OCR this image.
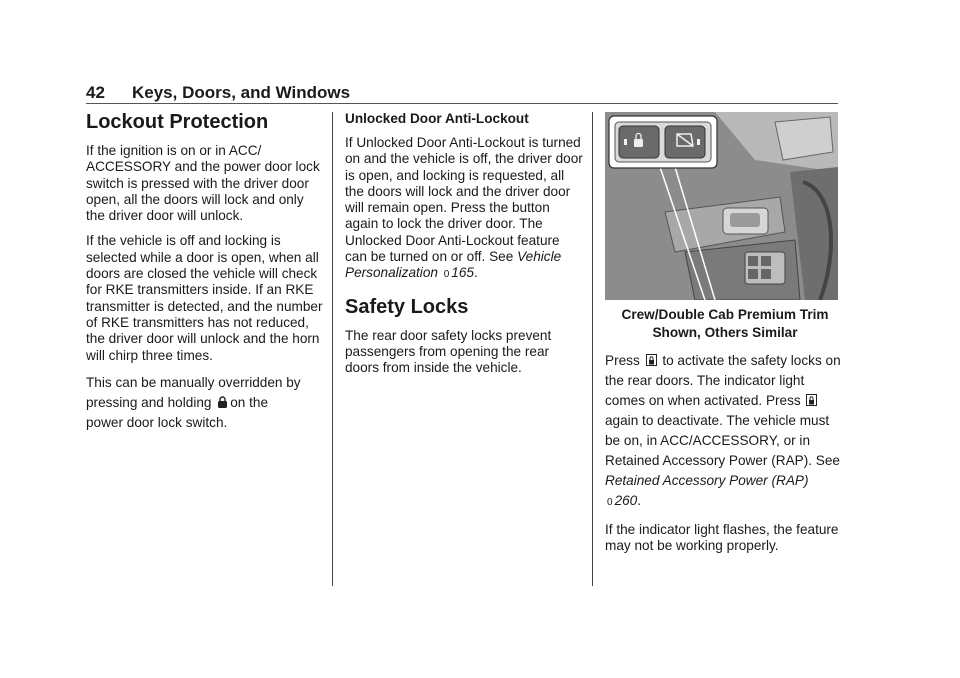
42 Keys, Doors, and Windows
Lockout Protection

If the ignition is on or in ACC/ ACCESSORY and the power door lock switch is pressed with the driver door open, all the doors will lock and only the driver door will unlock.

If the vehicle is off and locking is selected while a door is open, when all doors are closed the vehicle will check for RKE transmitters inside. If an RKE transmitter is detected, and the number of RKE transmitters has not reduced, the driver door will unlock and the horn will chirp three times.

This can be manually overridden by
pressing and holding on the
power door lock switch.

Unlocked Door Anti-Lockout

If Unlocked Door Anti-Lockout is turned on and the vehicle is off, the driver door is open, and locking is requested, all the doors will lock and the driver door will remain open. Press the button again to lock the driver door. The Unlocked Door Anti-Lockout feature can be turned on or off. See Vehicle Personalization 0 165.

Safety Locks

The rear door safety locks prevent passengers from opening the rear doors from inside the vehicle.

Crew/Double Cab Premium Trim
Shown, Others Similar

Press to activate the safety locks on the rear doors. The indicator light comes on when activated. Press  again to deactivate. The vehicle must be on, in ACC/ACCESSORY, or in Retained Accessory Power (RAP). See Retained Accessory Power (RAP) 0 260.

If the indicator light flashes, the feature may not be working properly.
